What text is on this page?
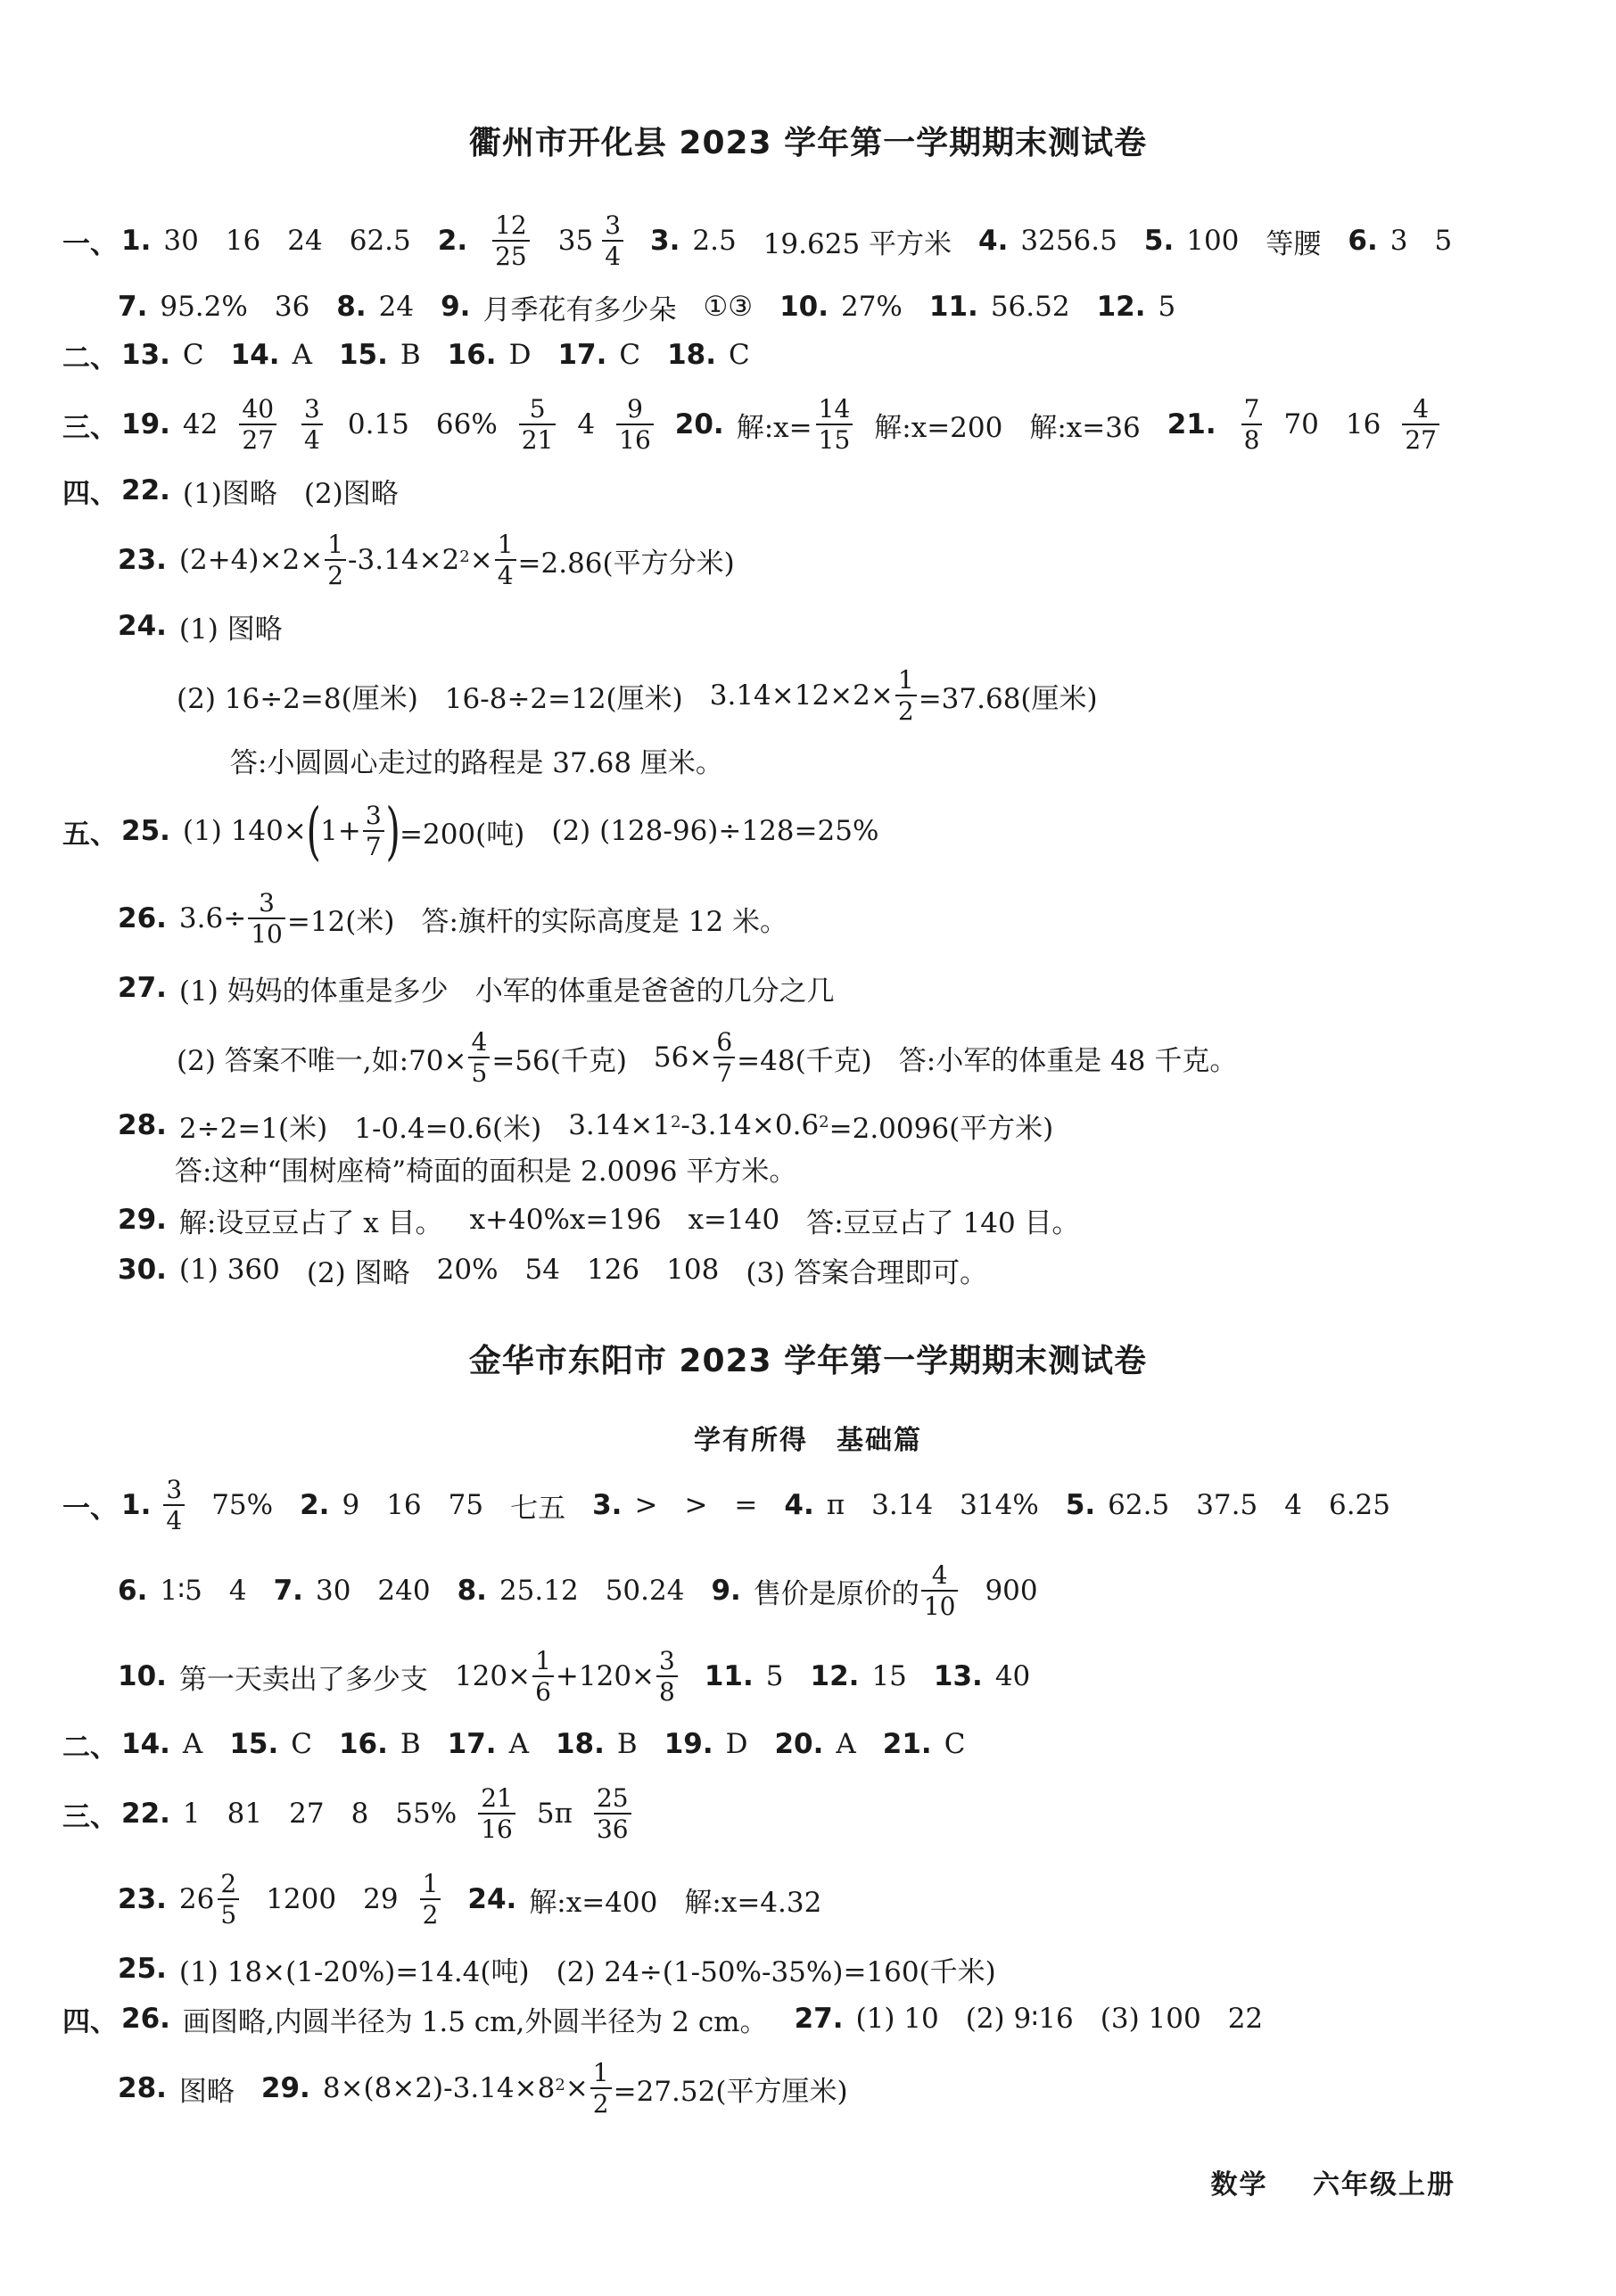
衢州市开化县 2023 学年第一学期期末测试卷
一、 1. 30 16 24 62.5 2. $\frac{12}{25} 35 \frac{3}{4} 3$. 2.5 19.625 平方米 4. 3256.5 5. 100 等腰 6. 3 5
7. 95.2% 36 8. 24 9. 月季花有多少朵 ①③ 10. 27% 11. 56.52 12. 5
二、 13. C 14. A 15. B 16. D 17. C 18. C
三、 19. $42 \frac{40}{27} \frac{3}{4} 0.15$ $66\% \frac{5}{21} 4 \frac{9}{16} 20$. 解:x= $\frac{14}{15}$ 解:x=200 解:x=36 21. $\frac{7}{8} 70$ $16 \frac{4}{27}$
四、 22. (1)图略 (2)图略
23. $(2+4)\times 2\times \frac{1}{2} -3.14\times 2^2 \times \frac{1}{4} =2.86$(平方分米)
24. (1) 图略
(2) 16÷2=8(厘米) 16-8÷2=12(厘米) $3.14\times 12\times 2\times \frac{1}{2} =37.68$(厘米)
答:小圆圆心走过的路程是 37.68 厘米。
五、 25. (1) 140× ( $1+ \frac{3}{7}$ ) =200(吨) (2) (128-96)÷128=25%
26. $3.6\div \frac{3}{10} =12$(米) 答:旗杆的实际高度是 12 米。
27. (1) 妈妈的体重是多少 小军的体重是爸爸的几分之几
(2) 答案不唯一,如:70× $\frac{4}{5} =56$(千克) $56\times \frac{6}{7} =48$(千克) 答:小军的体重是 48 千克。
28. 2÷2=1(米) 1-0.4=0.6(米) $3.14\times 1^2$ $-3.14\times 0.6^2 =2.0096$(平方米)
答:这种“围树座椅”椅面的面积是 2.0096 平方米。
29. 解:设豆豆占了 x 目。 x+40%x=196 x=140 答:豆豆占了 140 目。
30. (1) 360 (2) 图略 20% 54 126 108 (3) 答案合理即可。
金华市东阳市 2023 学年第一学期期末测试卷
学有所得　基础篇
一、 1. $\frac{3}{4} 75\%$ 2. 9 16 75 七五 3. > > = 4. π 3.14 314% 5. 62.5 37.5 4 6.25
6. 1∶5 4 7. 30 240 8. 25.12 50.24 9. 售价是原价的 $\frac{4}{10} 900$
10. 第一天卖出了多少支 $120\times \frac{1}{6} +120\times \frac{3}{8} 11$. 5 12. 15 13. 40
二、 14. A 15. C 16. B 17. A 18. B 19. D 20. A 21. C
三、 22. 1 81 27 8 $55\% \frac{21}{16} 5\pi \frac{25}{36}$
23. $26 \frac{2}{5} 1200$ $29 \frac{1}{2} 24$. 解:x=400 解:x=4.32
25. (1) 18×(1-20%)=14.4(吨) (2) 24÷(1-50%-35%)=160(千米)
四、 26. 画图略,内圆半径为 1.5 cm,外圆半径为 2 cm。 27. (1) 10 (2) 9∶16 (3) 100 22
28. 图略 29. $8\times(8\times 2)-3.14\times 8^2 \times \frac{1}{2} =27.52$(平方厘米)
数学 六年级上册
